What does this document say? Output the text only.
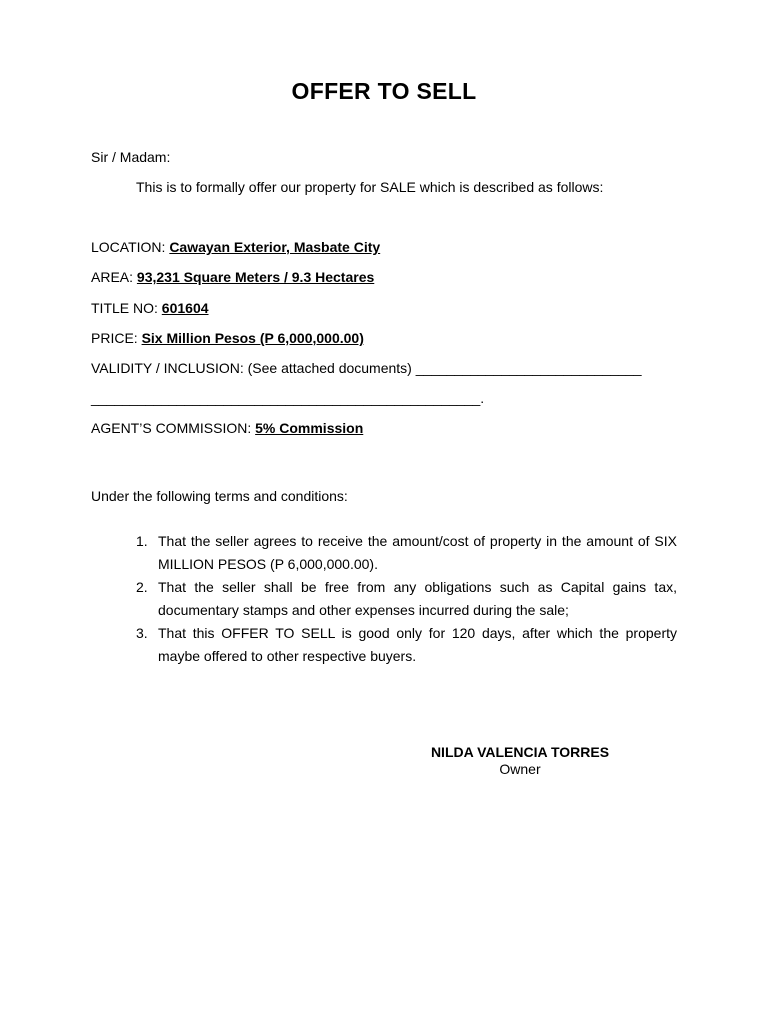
OFFER TO SELL
Sir / Madam:
This is to formally offer our property for SALE which is described as follows:
LOCATION: Cawayan Exterior, Masbate City
AREA: 93,231 Square Meters / 9.3 Hectares
TITLE NO: 601604
PRICE: Six Million Pesos (P 6,000,000.00)
VALIDITY / INCLUSION: (See attached documents) _____________________________
__________________________________________________.
AGENT’S COMMISSION: 5% Commission
Under the following terms and conditions:
1. That the seller agrees to receive the amount/cost of property in the amount of SIX MILLION PESOS (P 6,000,000.00).
2. That the seller shall be free from any obligations such as Capital gains tax, documentary stamps and other expenses incurred during the sale;
3. That this OFFER TO SELL is good only for 120 days, after which the property maybe offered to other respective buyers.
NILDA VALENCIA TORRES
Owner
